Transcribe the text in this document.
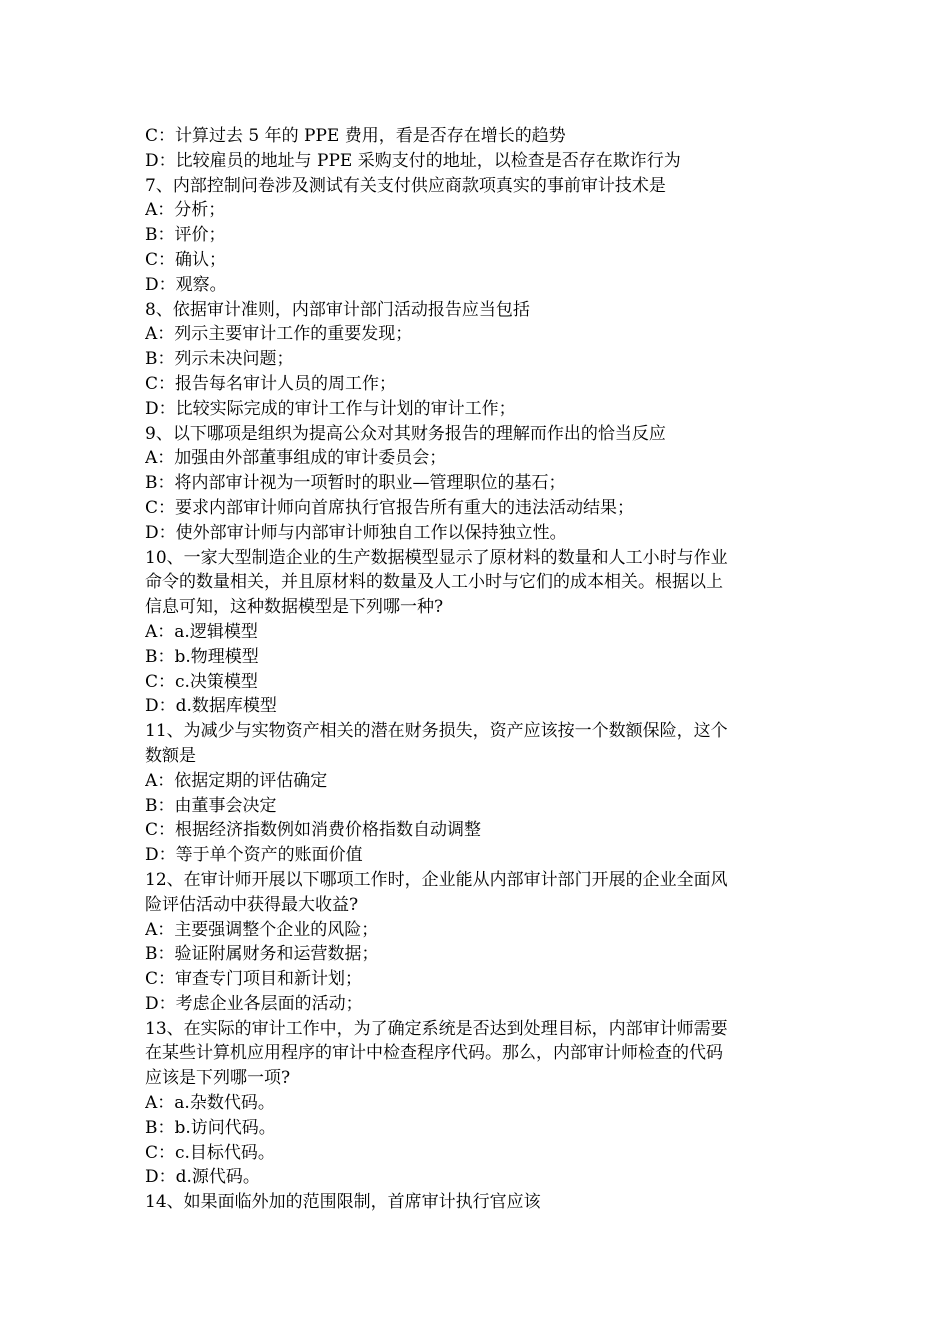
C：计算过去 5 年的 PPE 费用，看是否存在增长的趋势
D：比较雇员的地址与 PPE 采购支付的地址，以检查是否存在欺诈行为
7、内部控制问卷涉及测试有关支付供应商款项真实的事前审计技术是
A：分析；
B：评价；
C：确认；
D：观察。
8、依据审计准则，内部审计部门活动报告应当包括
A：列示主要审计工作的重要发现；
B：列示未决问题；
C：报告每名审计人员的周工作；
D：比较实际完成的审计工作与计划的审计工作；
9、以下哪项是组织为提高公众对其财务报告的理解而作出的恰当反应
A：加强由外部董事组成的审计委员会；
B：将内部审计视为一项暂时的职业—管理职位的基石；
C：要求内部审计师向首席执行官报告所有重大的违法活动结果；
D：使外部审计师与内部审计师独自工作以保持独立性。
10、一家大型制造企业的生产数据模型显示了原材料的数量和人工小时与作业
命令的数量相关，并且原材料的数量及人工小时与它们的成本相关。根据以上
信息可知，这种数据模型是下列哪一种?
A：a.逻辑模型
B：b.物理模型
C：c.决策模型
D：d.数据库模型
11、为减少与实物资产相关的潜在财务损失，资产应该按一个数额保险，这个
数额是
A：依据定期的评估确定
B：由董事会决定
C：根据经济指数例如消费价格指数自动调整
D：等于单个资产的账面价值
12、在审计师开展以下哪项工作时，企业能从内部审计部门开展的企业全面风
险评估活动中获得最大收益?
A：主要强调整个企业的风险；
B：验证附属财务和运营数据；
C：审查专门项目和新计划；
D：考虑企业各层面的活动；
13、在实际的审计工作中，为了确定系统是否达到处理目标，内部审计师需要
在某些计算机应用程序的审计中检查程序代码。那么，内部审计师检查的代码
应该是下列哪一项?
A：a.杂数代码。
B：b.访问代码。
C：c.目标代码。
D：d.源代码。
14、如果面临外加的范围限制，首席审计执行官应该
